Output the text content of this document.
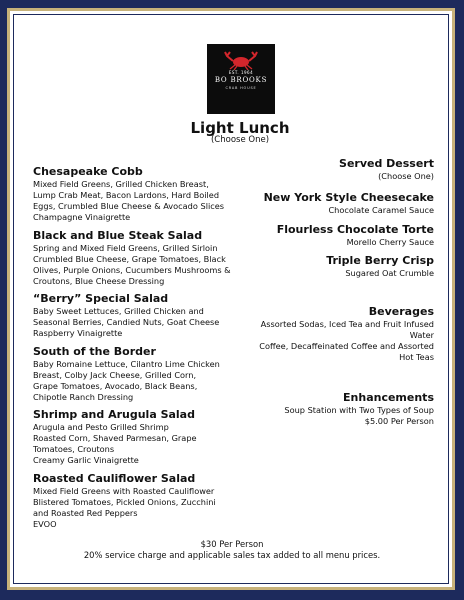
EST. 1964
BO BROOKS
CRAB HOUSE
Light Lunch
(Choose One)
Chesapeake Cobb
Mixed Field Greens, Grilled Chicken Breast,
Lump Crab Meat, Bacon Lardons, Hard Boiled
Eggs, Crumbled Blue Cheese & Avocado Slices
Champagne Vinaigrette
Black and Blue Steak Salad
Spring and Mixed Field Greens, Grilled Sirloin
Crumbled Blue Cheese, Grape Tomatoes, Black
Olives, Purple Onions, Cucumbers Mushrooms &
Croutons, Blue Cheese Dressing
“Berry” Special Salad
Baby Sweet Lettuces, Grilled Chicken and
Seasonal Berries, Candied Nuts, Goat Cheese
Raspberry Vinaigrette
South of the Border
Baby Romaine Lettuce, Cilantro Lime Chicken
Breast, Colby Jack Cheese, Grilled Corn,
Grape Tomatoes, Avocado, Black Beans,
Chipotle Ranch Dressing
Shrimp and Arugula Salad
Arugula and Pesto Grilled Shrimp
Roasted Corn, Shaved Parmesan, Grape
Tomatoes, Croutons
Creamy Garlic Vinaigrette
Roasted Cauliflower Salad
Mixed Field Greens with Roasted Cauliflower
Blistered Tomatoes, Pickled Onions, Zucchini
and Roasted Red Peppers
EVOO
Served Dessert
(Choose One)
New York Style Cheesecake
Chocolate Caramel Sauce
Flourless Chocolate Torte
Morello Cherry Sauce
Triple Berry Crisp
Sugared Oat Crumble
Beverages
Assorted Sodas, Iced Tea and Fruit Infused
Water
Coffee, Decaffeinated Coffee and Assorted
Hot Teas
Enhancements
Soup Station with Two Types of Soup
$5.00 Per Person
$30 Per Person
20% service charge and applicable sales tax added to all menu prices.
